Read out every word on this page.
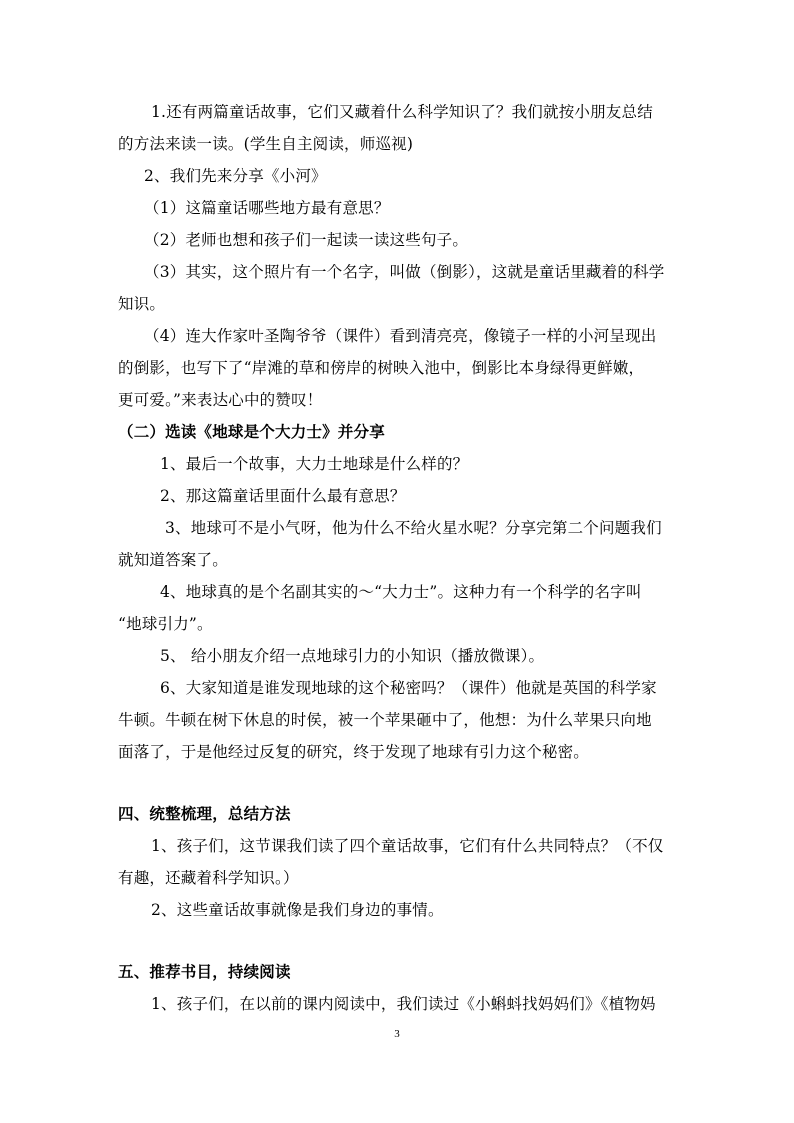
1.还有两篇童话故事，它们又藏着什么科学知识了？我们就按小朋友总结
的方法来读一读。(学生自主阅读，师巡视)
2、我们先来分享《小河》
（1）这篇童话哪些地方最有意思？
（2）老师也想和孩子们一起读一读这些句子。
（3）其实，这个照片有一个名字，叫做（倒影），这就是童话里藏着的科学
知识。
（4）连大作家叶圣陶爷爷（课件）看到清亮亮，像镜子一样的小河呈现出
的倒影，也写下了“岸滩的草和傍岸的树映入池中，倒影比本身绿得更鲜嫩，
更可爱。”来表达心中的赞叹！
（二）选读《地球是个大力士》并分享
1、最后一个故事，大力士地球是什么样的？
2、那这篇童话里面什么最有意思？
3、地球可不是小气呀，他为什么不给火星水呢？分享完第二个问题我们
就知道答案了。
4、地球真的是个名副其实的～“大力士”。这种力有一个科学的名字叫
“地球引力”。
5、 给小朋友介绍一点地球引力的小知识（播放微课）。
6、大家知道是谁发现地球的这个秘密吗？（课件）他就是英国的科学家
牛顿。牛顿在树下休息的时侯，被一个苹果砸中了，他想：为什么苹果只向地
面落了，于是他经过反复的研究，终于发现了地球有引力这个秘密。
四、统整梳理，总结方法
1、孩子们，这节课我们读了四个童话故事，它们有什么共同特点？（不仅
有趣，还藏着科学知识。）
2、这些童话故事就像是我们身边的事情。
五、推荐书目，持续阅读
1、孩子们，在以前的课内阅读中，我们读过《小蝌蚪找妈妈们》《植物妈
3
